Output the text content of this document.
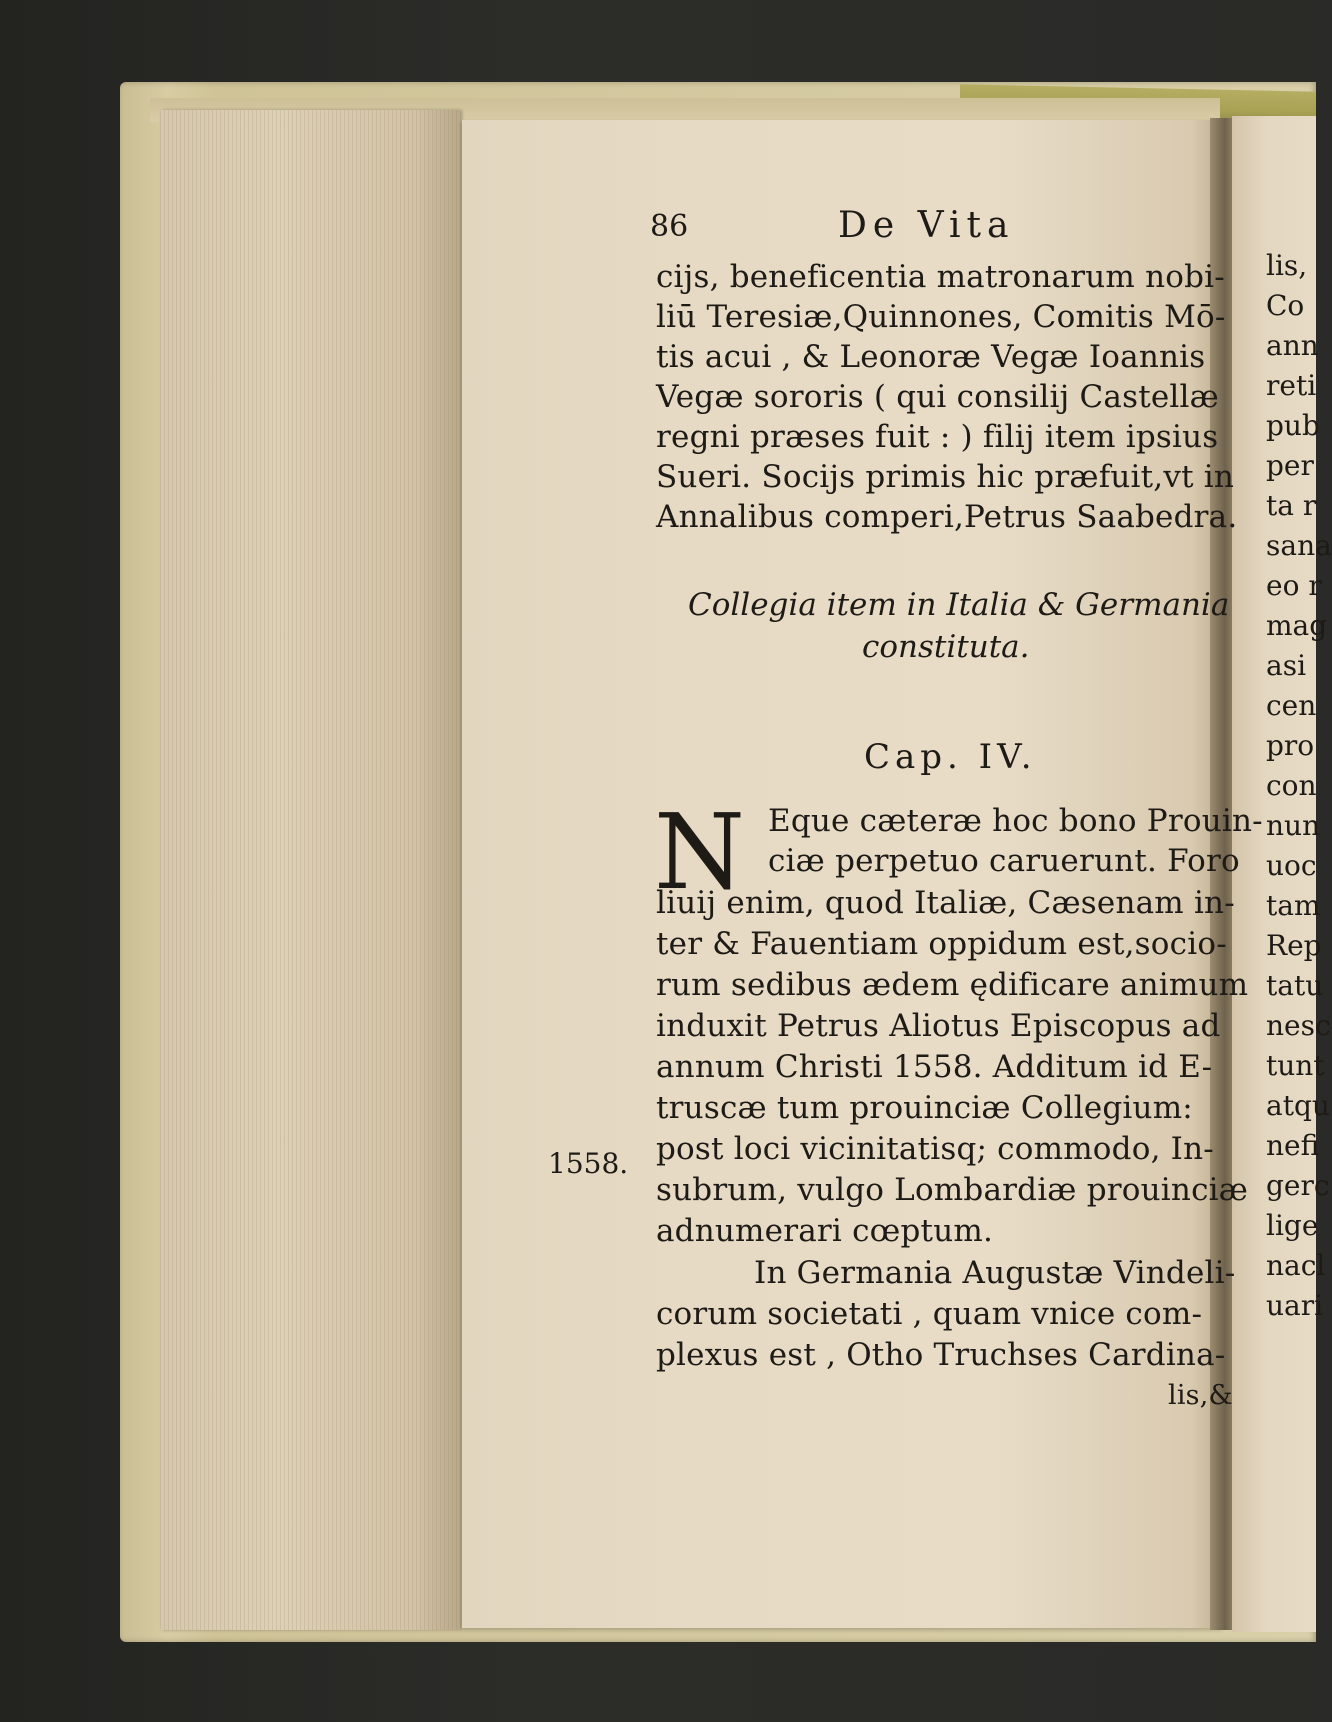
86	De Vita
cijs, beneficentia matronarum nobi-
liū Teresiæ,Quinnones, Comitis Mō-
tis acui , & Leonoræ Vegæ Ioannis
Vegæ sororis ( qui consilij Castellæ
regni præses fuit : ) filij item ipsius
Sueri. Socijs primis hic præfuit,vt in
Annalibus comperi,Petrus Saabedra.
Collegia item in Italia & Germania
constituta.
Cap. IV.
N Eque cæteræ hoc bono Prouin-
ciæ perpetuo caruerunt. Foro
liuij enim, quod Italiæ, Cæsenam in-
ter & Fauentiam oppidum est,socio-
rum sedibus ædem ędificare animum
induxit Petrus Aliotus Episcopus ad
annum Christi 1558. Additum id E-
truscæ tum prouinciæ Collegium:
post loci vicinitatisq; commodo, In-
subrum, vulgo Lombardiæ prouinciæ
adnumerari cœptum.
1558.
In Germania Augustæ Vindeli-
corum societati , quam vnice com-
plexus est , Otho Truchses Cardina-
lis,&
lis,
Co
ann
reti
pub
per
ta r
sana
eo r
mag
asi
cen
pro
con
nun
uoc
tam
Rep
tatu
nesc
tunt
atqu
nefi
gerc
lige
nacl
uari
